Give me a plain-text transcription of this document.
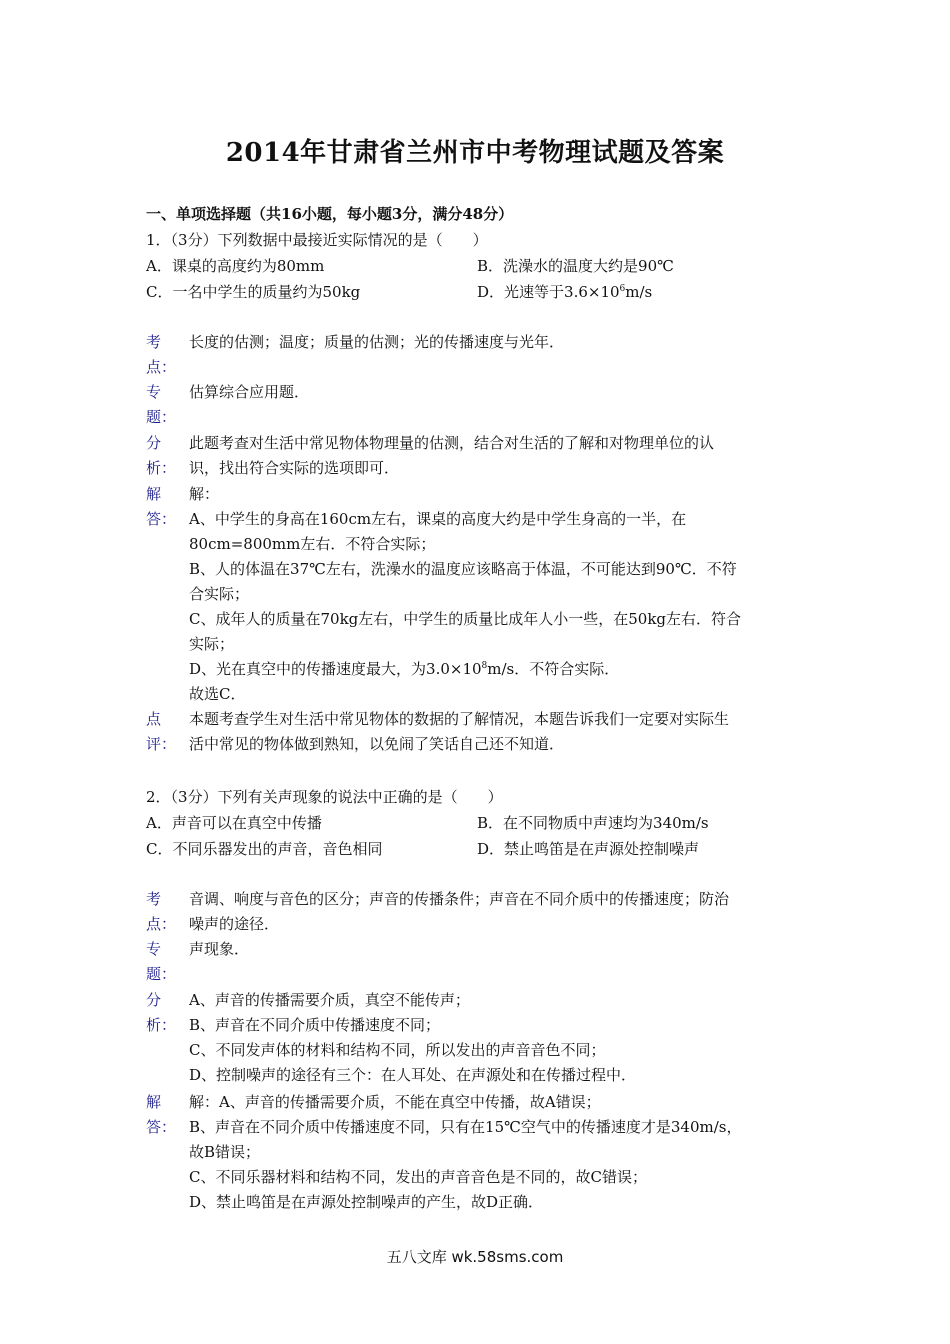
2014年甘肃省兰州市中考物理试题及答案
一、单项选择题（共16小题，每小题3分，满分48分）
1．（3分）下列数据中最接近实际情况的是（　　）
A．课桌的高度约为80mm	B．洗澡水的温度大约是90℃
C．一名中学生的质量约为50kg	D．光速等于$3.6\times 10^6m/s$
考
点：
长度的估测；温度；质量的估测；光的传播速度与光年．
专
题：
估算综合应用题．
分
析：
此题考查对生活中常见物体物理量的估测，结合对生活的了解和对物理单位的认
识，找出符合实际的选项即可．
解
答：
解：
A、中学生的身高在160cm左右，课桌的高度大约是中学生身高的一半，在
80cm=800mm左右．不符合实际；
B、人的体温在37℃左右，洗澡水的温度应该略高于体温，不可能达到90℃．不符
合实际；
C、成年人的质量在70kg左右，中学生的质量比成年人小一些，在50kg左右．符合
实际；
D、光在真空中的传播速度最大，为$3.0\times 10^8m/s$．不符合实际．
故选C．
点
评：
本题考查学生对生活中常见物体的数据的了解情况，本题告诉我们一定要对实际生
活中常见的物体做到熟知，以免闹了笑话自己还不知道．
2．（3分）下列有关声现象的说法中正确的是（　　）
A．声音可以在真空中传播	B．在不同物质中声速均为340m/s
C．不同乐器发出的声音，音色相同	D．禁止鸣笛是在声源处控制噪声
考
点：
音调、响度与音色的区分；声音的传播条件；声音在不同介质中的传播速度；防治
噪声的途径．
专
题：
声现象．
分
析：
A、声音的传播需要介质，真空不能传声；
B、声音在不同介质中传播速度不同；
C、不同发声体的材料和结构不同，所以发出的声音音色不同；
D、控制噪声的途径有三个：在人耳处、在声源处和在传播过程中．
解
答：
解：A、声音的传播需要介质，不能在真空中传播，故A错误；
B、声音在不同介质中传播速度不同，只有在15℃空气中的传播速度才是340m/s，
故B错误；
C、不同乐器材料和结构不同，发出的声音音色是不同的，故C错误；
D、禁止鸣笛是在声源处控制噪声的产生，故D正确．
五八文库 wk.58sms.com
